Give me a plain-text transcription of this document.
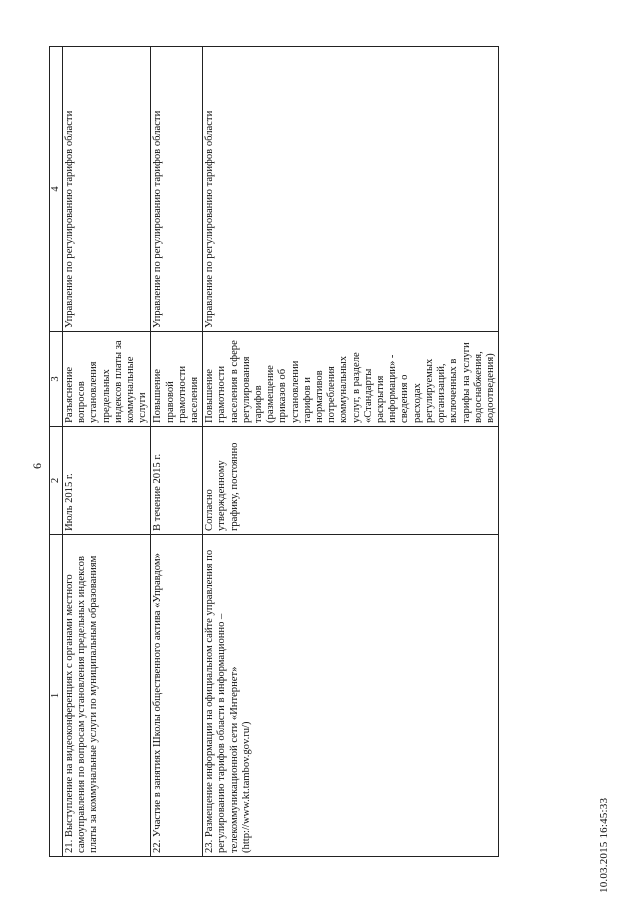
6
1	2	3	4
21. Выступление на видеоконференциях с органами местного самоуправления по вопросам установления предельных индексов платы за коммунальные услуги по муниципальным образованиям	Июль 2015 г.	Разъяснение вопросов установления предельных индексов платы за коммунальные услуги	Управление по регулированию тарифов области
22. Участие в занятиях Школы общественного актива «Управдом»	В течение 2015 г.	Повышение правовой грамотности населения	Управление по регулированию тарифов области
23. Размещение информации на официальном сайте управления по регулированию тарифов области в информационно – телекоммуникационной сети «Интернет» (http://www.kt.tambov.gov.ru/)	Согласно утвержденному графику, постоянно	Повышение грамотности населения в сфере регулирования тарифов (размещение приказов об установлении тарифов и нормативов потребления коммунальных услуг, в разделе «Стандарты раскрытия информации» - сведения о расходах регулируемых организаций, включенных в тарифы на услуги водоснабжения, водоотведения)	Управление по регулированию тарифов области
10.03.2015 16:45:33
